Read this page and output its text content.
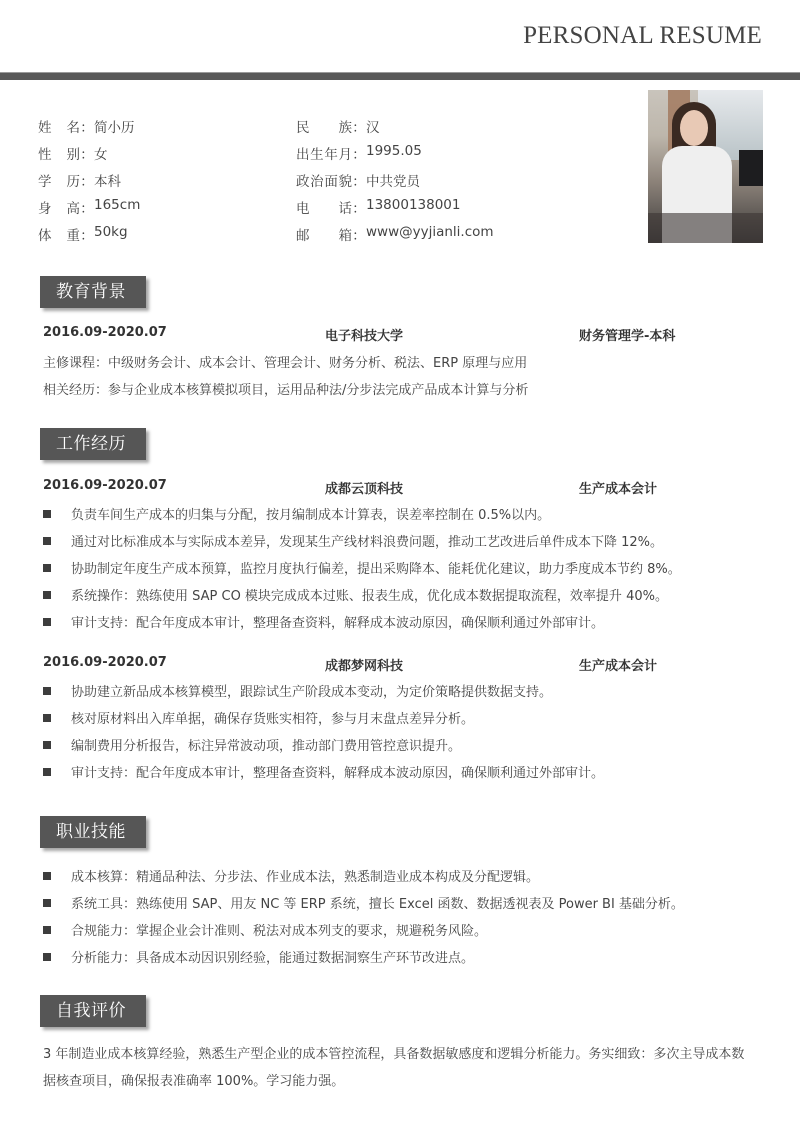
PERSONAL RESUME
姓名 ： 简小历	民族 ： 汉
性别 ： 女	出生年月 ： 1995.05
学历 ： 本科	政治面貌 ： 中共党员
身高 ： 165cm	电话 ： 13800138001
体重 ： 50kg	邮箱 ： www@yyjianli.com
教育背景
2016.09-2020.07	电子科技大学	财务管理学-本科
主修课程：中级财务会计、成本会计、管理会计、财务分析、税法、ERP 原理与应用
相关经历：参与企业成本核算模拟项目，运用品种法/分步法完成产品成本计算与分析
工作经历
2016.09-2020.07	成都云顶科技	生产成本会计
负责车间生产成本的归集与分配，按月编制成本计算表，误差率控制在 0.5%以内。
通过对比标准成本与实际成本差异，发现某生产线材料浪费问题，推动工艺改进后单件成本下降 12%。
协助制定年度生产成本预算，监控月度执行偏差，提出采购降本、能耗优化建议，助力季度成本节约 8%。
系统操作：熟练使用 SAP CO 模块完成成本过账、报表生成，优化成本数据提取流程，效率提升 40%。
审计支持：配合年度成本审计，整理备查资料，解释成本波动原因，确保顺利通过外部审计。
2016.09-2020.07	成都梦网科技	生产成本会计
协助建立新品成本核算模型，跟踪试生产阶段成本变动，为定价策略提供数据支持。
核对原材料出入库单据，确保存货账实相符，参与月末盘点差异分析。
编制费用分析报告，标注异常波动项，推动部门费用管控意识提升。
审计支持：配合年度成本审计，整理备查资料，解释成本波动原因，确保顺利通过外部审计。
职业技能
成本核算：精通品种法、分步法、作业成本法，熟悉制造业成本构成及分配逻辑。
系统工具：熟练使用 SAP、用友 NC 等 ERP 系统，擅长 Excel 函数、数据透视表及 Power BI 基础分析。
合规能力：掌握企业会计准则、税法对成本列支的要求，规避税务风险。
分析能力：具备成本动因识别经验，能通过数据洞察生产环节改进点。
自我评价
3 年制造业成本核算经验，熟悉生产型企业的成本管控流程，具备数据敏感度和逻辑分析能力。务实细致：多次主导成本数据核查项目，确保报表准确率 100%。学习能力强。
